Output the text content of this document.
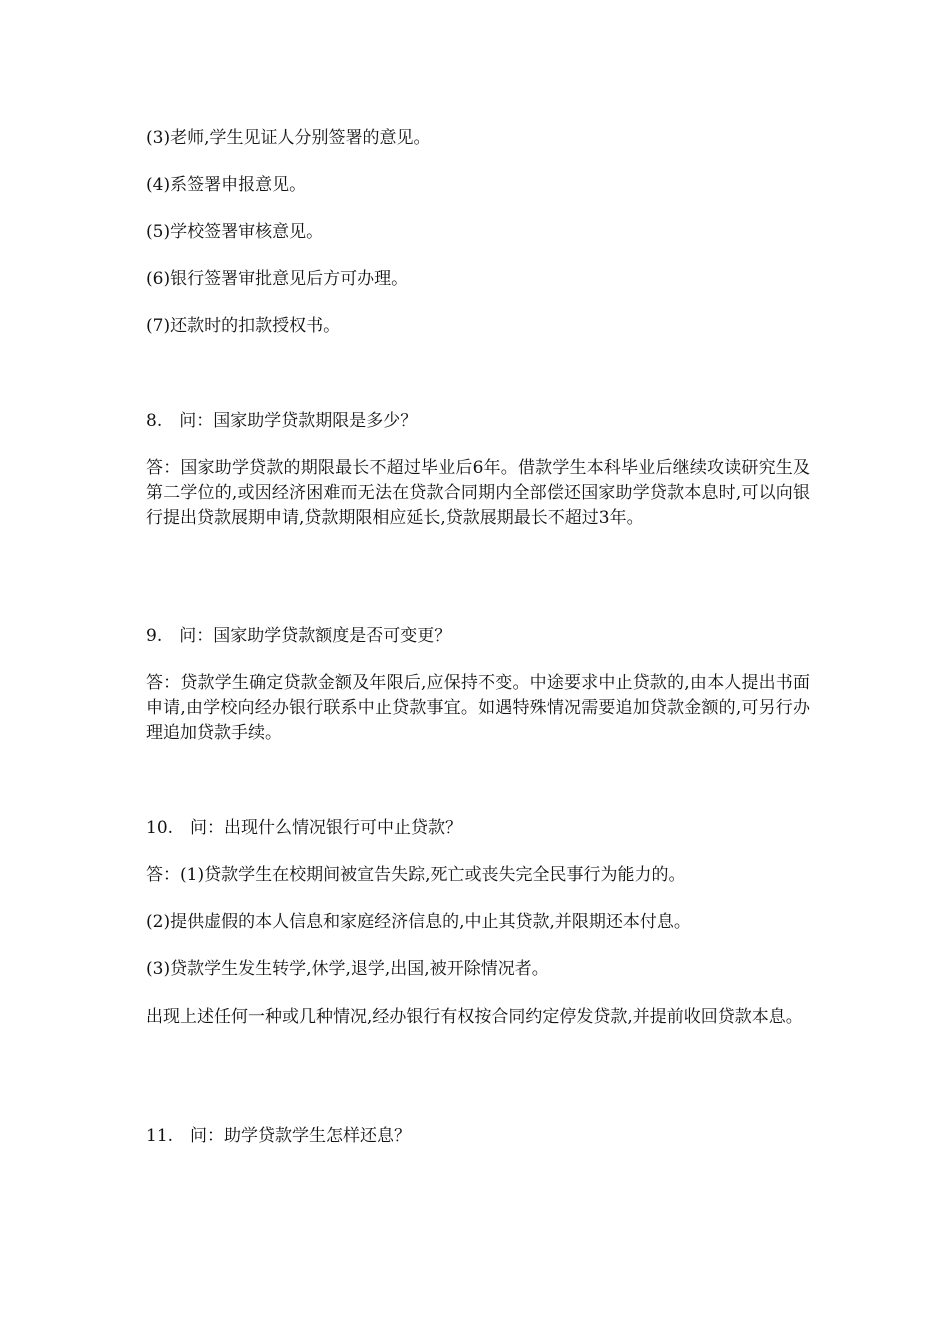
(3)老师,学生见证人分别签署的意见。
(4)系签署申报意见。
(5)学校签署审核意见。
(6)银行签署审批意见后方可办理。
(7)还款时的扣款授权书。
8.　问：国家助学贷款期限是多少？
答：国家助学贷款的期限最长不超过毕业后6年。借款学生本科毕业后继续攻读研究生及第二学位的,或因经济困难而无法在贷款合同期内全部偿还国家助学贷款本息时,可以向银行提出贷款展期申请,贷款期限相应延长,贷款展期最长不超过3年。
9.　问：国家助学贷款额度是否可变更？
答：贷款学生确定贷款金额及年限后,应保持不变。中途要求中止贷款的,由本人提出书面申请,由学校向经办银行联系中止贷款事宜。如遇特殊情况需要追加贷款金额的,可另行办理追加贷款手续。
10.　问：出现什么情况银行可中止贷款？
答：(1)贷款学生在校期间被宣告失踪,死亡或丧失完全民事行为能力的。
(2)提供虚假的本人信息和家庭经济信息的,中止其贷款,并限期还本付息。
(3)贷款学生发生转学,休学,退学,出国,被开除情况者。
出现上述任何一种或几种情况,经办银行有权按合同约定停发贷款,并提前收回贷款本息。
11.　问：助学贷款学生怎样还息？
